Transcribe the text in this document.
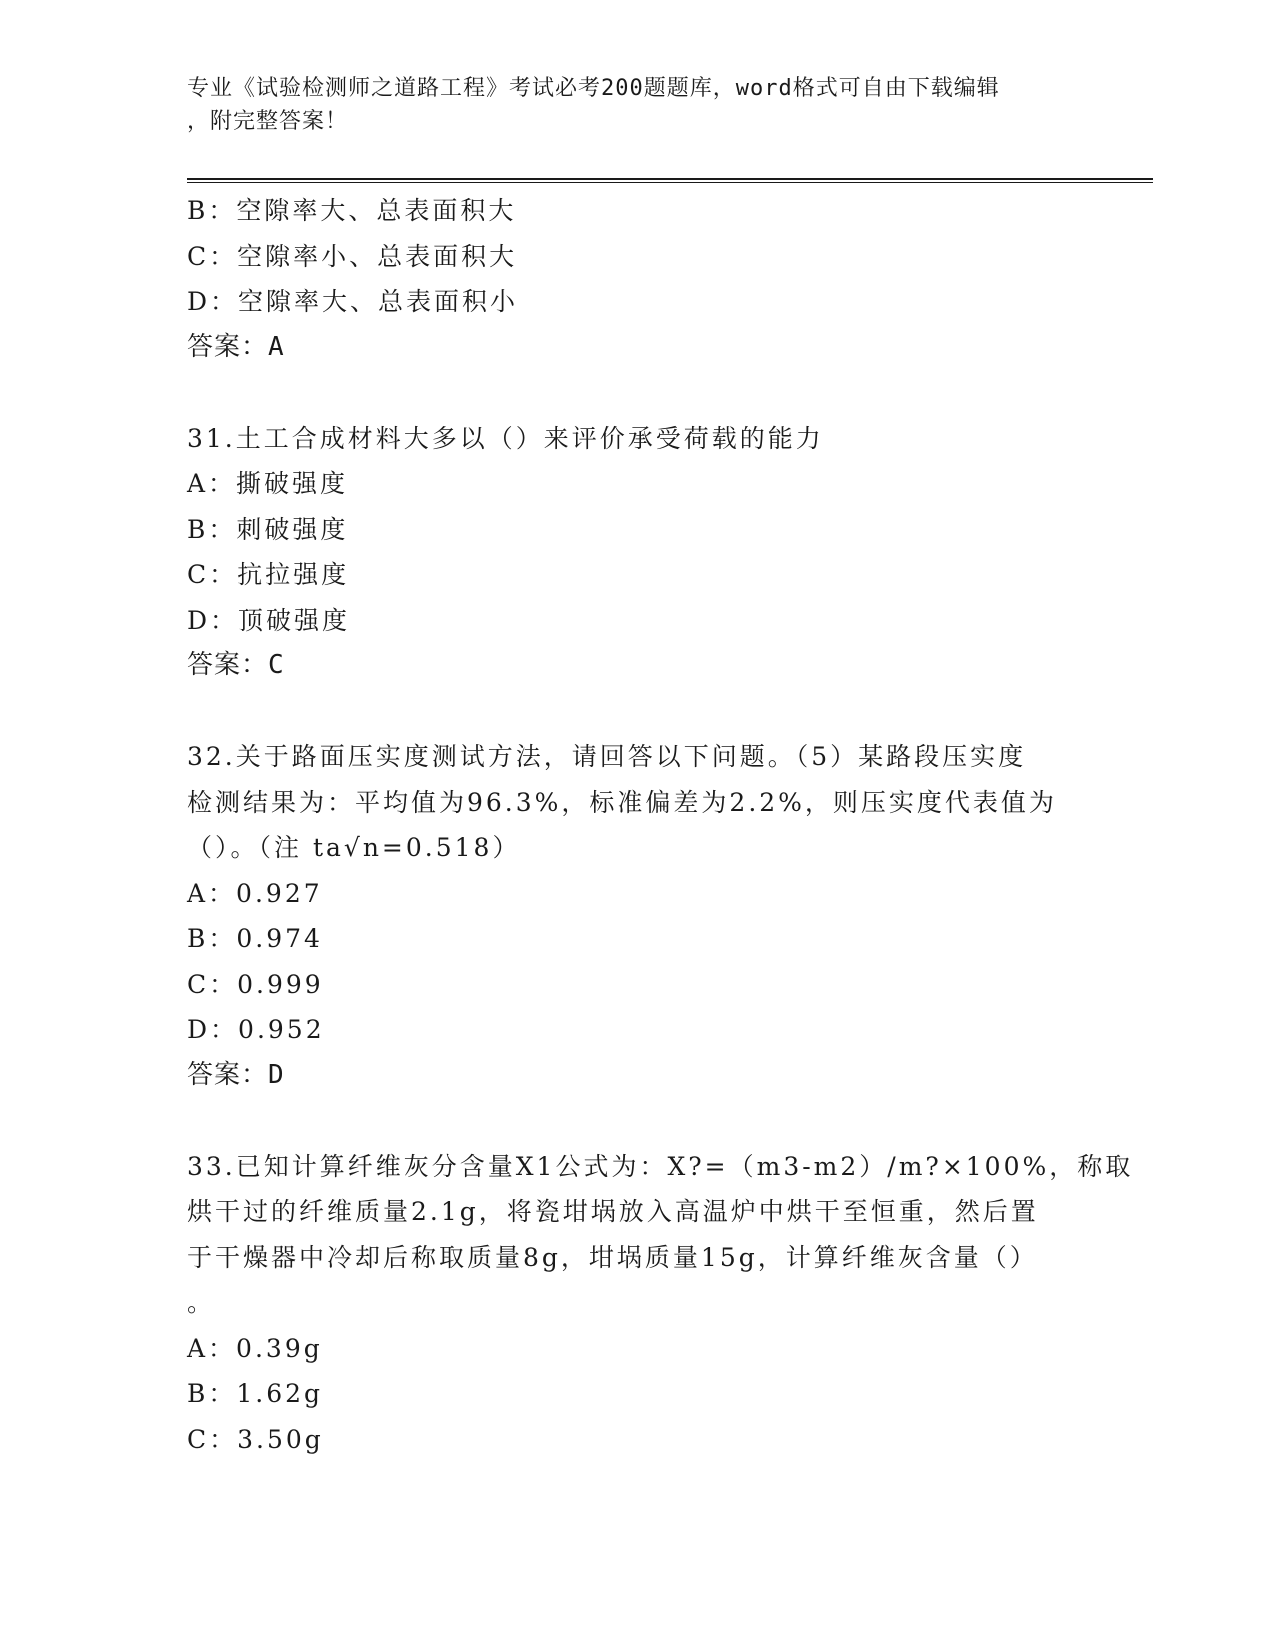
专业《试验检测师之道路工程》考试必考200题题库，word格式可自由下载编辑
，附完整答案！
B：空隙率大、总表面积大
C：空隙率小、总表面积大
D：空隙率大、总表面积小
答案：A
31.土工合成材料大多以（）来评价承受荷载的能力
A：撕破强度
B：刺破强度
C：抗拉强度
D：顶破强度
答案：C
32.关于路面压实度测试方法，请回答以下问题。（5）某路段压实度
检测结果为：平均值为96.3%，标准偏差为2.2%，则压实度代表值为
（）。（注 ta√n=0.518）
A：0.927
B：0.974
C：0.999
D：0.952
答案：D
33.已知计算纤维灰分含量X1公式为：X?=（m3-m2）/m?×100%，称取
烘干过的纤维质量2.1g，将瓷坩埚放入高温炉中烘干至恒重，然后置
于干燥器中冷却后称取质量8g，坩埚质量15g，计算纤维灰含量（）
。
A：0.39g
B：1.62g
C：3.50g
